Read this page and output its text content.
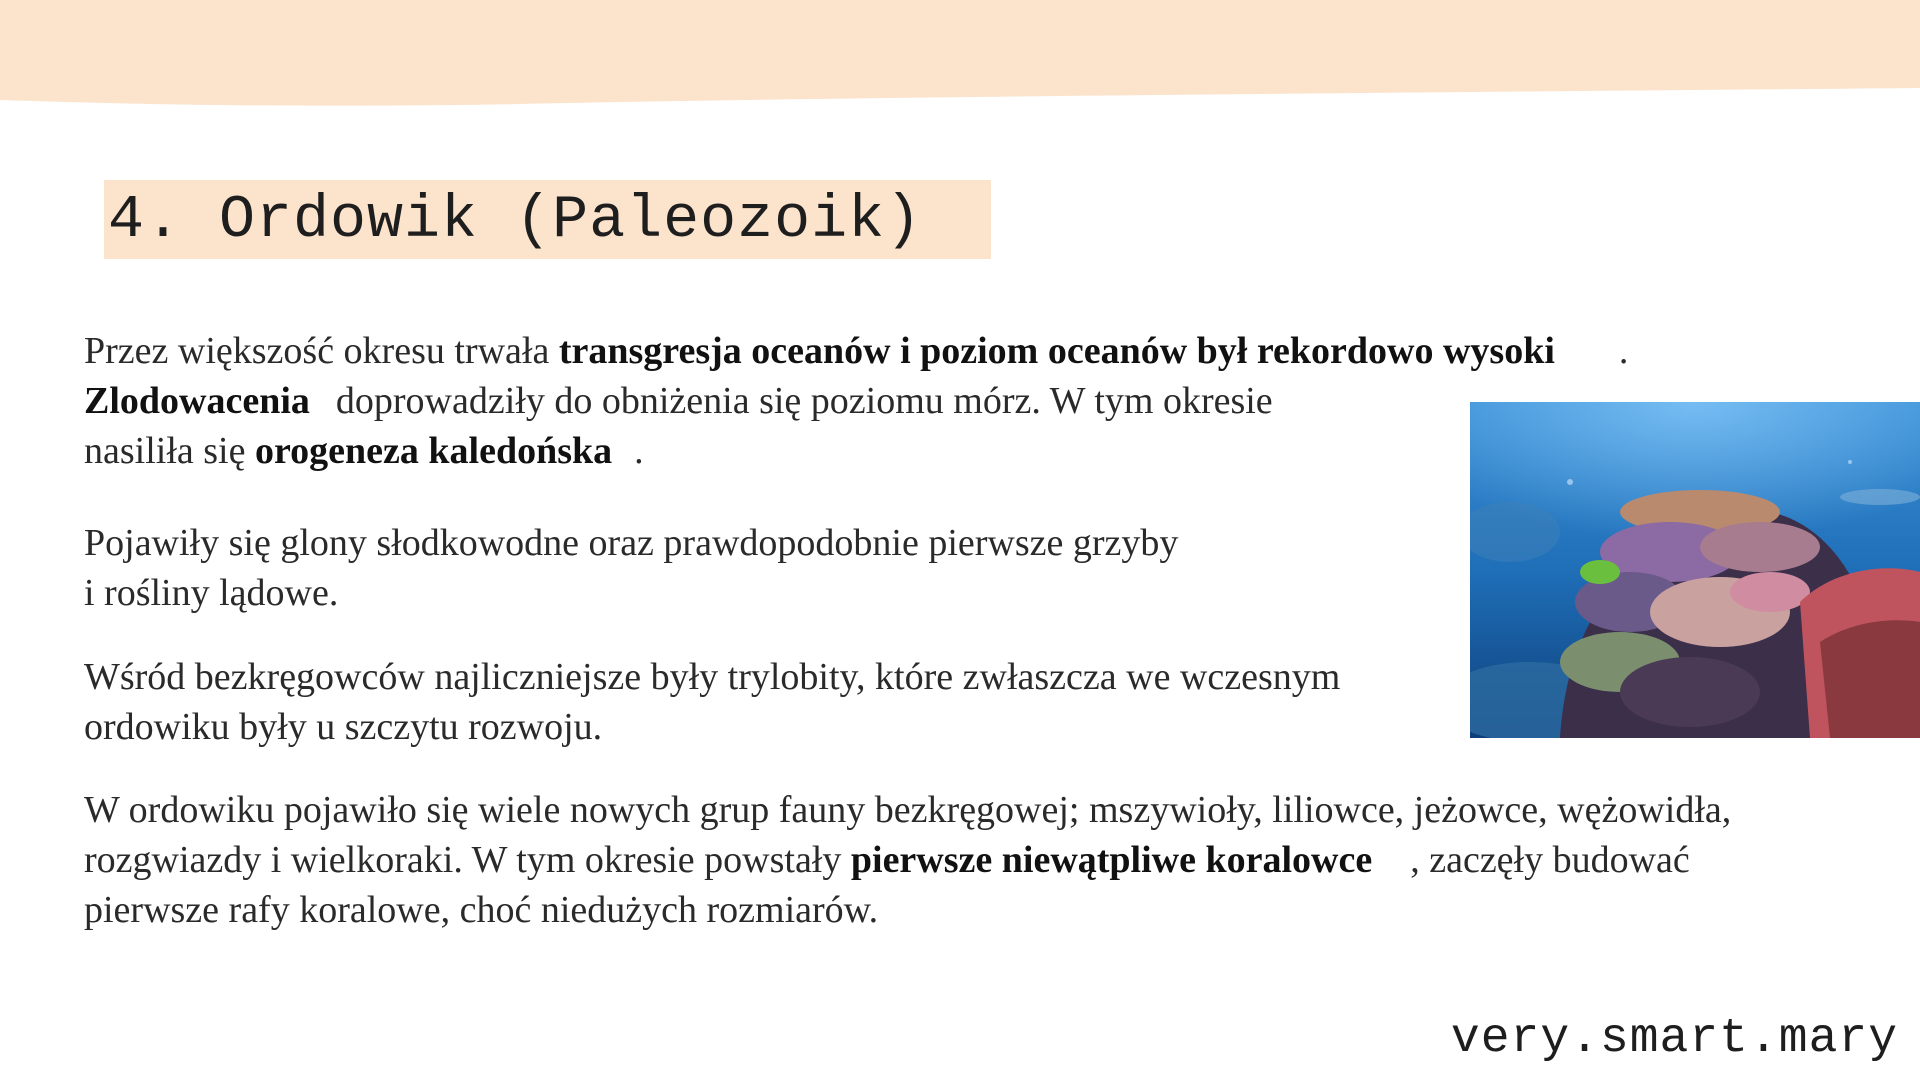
4. Ordowik (Paleozoik)

Przez większość okresu trwała transgresja oceanów i poziom oceanów był rekordowo wysoki .
Zlodowacenia doprowadziły do obniżenia się poziomu mórz. W tym okresie
nasiliła się orogeneza kaledońska .

Pojawiły się glony słodkowodne oraz prawdopodobnie pierwsze grzyby
i rośliny lądowe.

Wśród bezkręgowców najliczniejsze były trylobity, które zwłaszcza we wczesnym
ordowiku były u szczytu rozwoju.

W ordowiku pojawiło się wiele nowych grup fauny bezkręgowej; mszywioły, liliowce, jeżowce, wężowidła,
rozgwiazdy i wielkoraki. W tym okresie powstały pierwsze niewątpliwe koralowce , zaczęły budować
pierwsze rafy koralowe, choć niedużych rozmiarów.

very.smart.mary
